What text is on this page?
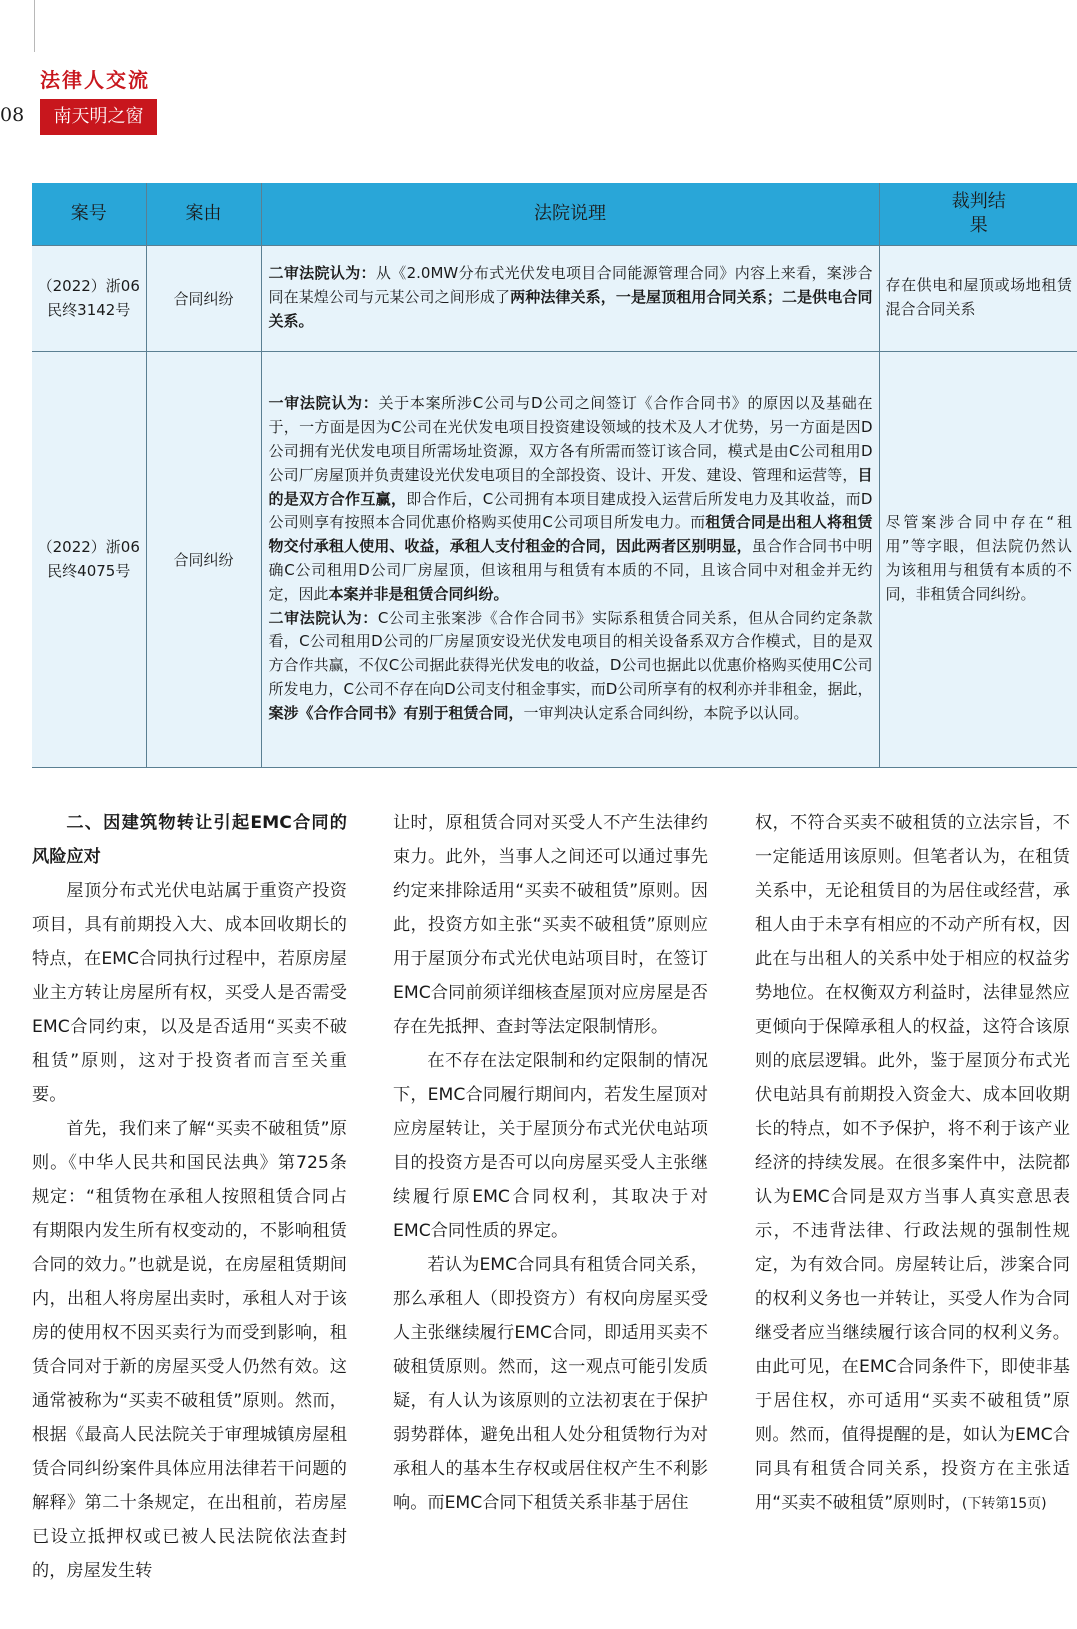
法律人交流
08	南天明之窗
案号	案由	法院说理	裁判结果
（2022）浙06民终3142号	合同纠纷	二审法院认为：从《2.0MW分布式光伏发电项目合同能源管理合同》内容上来看，案涉合同在某煌公司与元某公司之间形成了两种法律关系，一是屋顶租用合同关系；二是供电合同关系。	存在供电和屋顶或场地租赁混合合同关系
（2022）浙06民终4075号	合同纠纷	一审法院认为：关于本案所涉C公司与D公司之间签订《合作合同书》的原因以及基础在于，一方面是因为C公司在光伏发电项目投资建设领域的技术及人才优势，另一方面是因D公司拥有光伏发电项目所需场址资源，双方各有所需而签订该合同，模式是由C公司租用D公司厂房屋顶并负责建设光伏发电项目的全部投资、设计、开发、建设、管理和运营等，目的是双方合作互赢，即合作后，C公司拥有本项目建成投入运营后所发电力及其收益，而D公司则享有按照本合同优惠价格购买使用C公司项目所发电力。而租赁合同是出租人将租赁物交付承租人使用、收益，承租人支付租金的合同，因此两者区别明显，虽合作合同书中明确C公司租用D公司厂房屋顶，但该租用与租赁有本质的不同，且该合同中对租金并无约定，因此本案并非是租赁合同纠纷。
二审法院认为：C公司主张案涉《合作合同书》实际系租赁合同关系，但从合同约定条款看，C公司租用D公司的厂房屋顶安设光伏发电项目的相关设备系双方合作模式，目的是双方合作共赢，不仅C公司据此获得光伏发电的收益，D公司也据此以优惠价格购买使用C公司所发电力，C公司不存在向D公司支付租金事实，而D公司所享有的权利亦并非租金，据此，案涉《合作合同书》有别于租赁合同，一审判决认定系合同纠纷，本院予以认同。	尽管案涉合同中存在“租用”等字眼，但法院仍然认为该租用与租赁有本质的不同，非租赁合同纠纷。

二、因建筑物转让引起EMC合同的风险应对

屋顶分布式光伏电站属于重资产投资项目，具有前期投入大、成本回收期长的特点，在EMC合同执行过程中，若原房屋业主方转让房屋所有权，买受人是否需受EMC合同约束，以及是否适用“买卖不破租赁”原则，这对于投资者而言至关重要。

首先，我们来了解“买卖不破租赁”原则。《中华人民共和国民法典》第725条规定：“租赁物在承租人按照租赁合同占有期限内发生所有权变动的，不影响租赁合同的效力。”也就是说，在房屋租赁期间内，出租人将房屋出卖时，承租人对于该房的使用权不因买卖行为而受到影响，租赁合同对于新的房屋买受人仍然有效。这通常被称为“买卖不破租赁”原则。然而，根据《最高人民法院关于审理城镇房屋租赁合同纠纷案件具体应用法律若干问题的解释》第二十条规定，在出租前，若房屋已设立抵押权或已被人民法院依法查封的，房屋发生转

让时，原租赁合同对买受人不产生法律约束力。此外，当事人之间还可以通过事先约定来排除适用“买卖不破租赁”原则。因此，投资方如主张“买卖不破租赁”原则应用于屋顶分布式光伏电站项目时，在签订EMC合同前须详细核查屋顶对应房屋是否存在先抵押、查封等法定限制情形。

在不存在法定限制和约定限制的情况下，EMC合同履行期间内，若发生屋顶对应房屋转让，关于屋顶分布式光伏电站项目的投资方是否可以向房屋买受人主张继续履行原EMC合同权利，其取决于对EMC合同性质的界定。

若认为EMC合同具有租赁合同关系，那么承租人（即投资方）有权向房屋买受人主张继续履行EMC合同，即适用买卖不破租赁原则。然而，这一观点可能引发质疑，有人认为该原则的立法初衷在于保护弱势群体，避免出租人处分租赁物行为对承租人的基本生存权或居住权产生不利影响。而EMC合同下租赁关系非基于居住

权，不符合买卖不破租赁的立法宗旨，不一定能适用该原则。但笔者认为，在租赁关系中，无论租赁目的为居住或经营，承租人由于未享有相应的不动产所有权，因此在与出租人的关系中处于相应的权益劣势地位。在权衡双方利益时，法律显然应更倾向于保障承租人的权益，这符合该原则的底层逻辑。此外，鉴于屋顶分布式光伏电站具有前期投入资金大、成本回收期长的特点，如不予保护，将不利于该产业经济的持续发展。在很多案件中，法院都认为EMC合同是双方当事人真实意思表示，不违背法律、行政法规的强制性规定，为有效合同。房屋转让后，涉案合同的权利义务也一并转让，买受人作为合同继受者应当继续履行该合同的权利义务。由此可见，在EMC合同条件下，即使非基于居住权，亦可适用“买卖不破租赁”原则。然而，值得提醒的是，如认为EMC合同具有租赁合同关系，投资方在主张适用“买卖不破租赁”原则时，(下转第15页)
